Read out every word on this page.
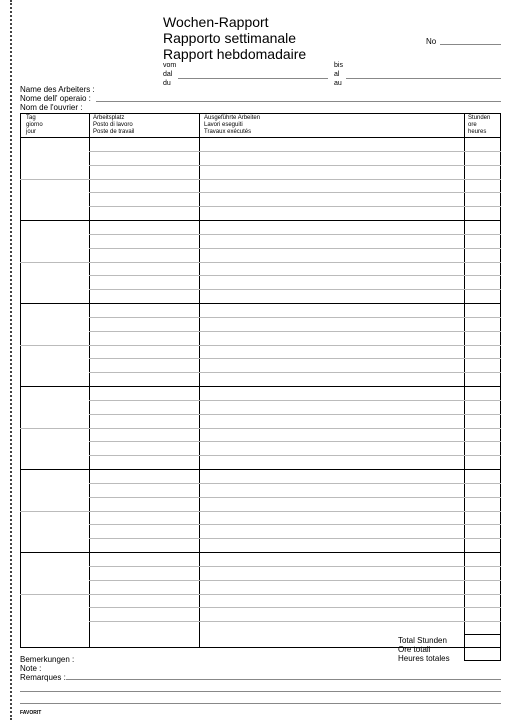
Wochen-Rapport
Rapporto settimanale
Rapport hebdomadaire
No
vom
dal
du
bis
al
au
Name des Arbeiters :
Nome dell' operaio :
Nom de l'ouvrier :
Tag
giorno
jour
Arbeitsplatz
Posto di lavoro
Poste de travail
Ausgeführte Arbeiten
Lavori eseguiti
Travaux exécutés
Stunden
ore
heures
Total Stunden
Ore totali
Heures totales
Bemerkungen :
Note :
Remarques :
FAVORIT
